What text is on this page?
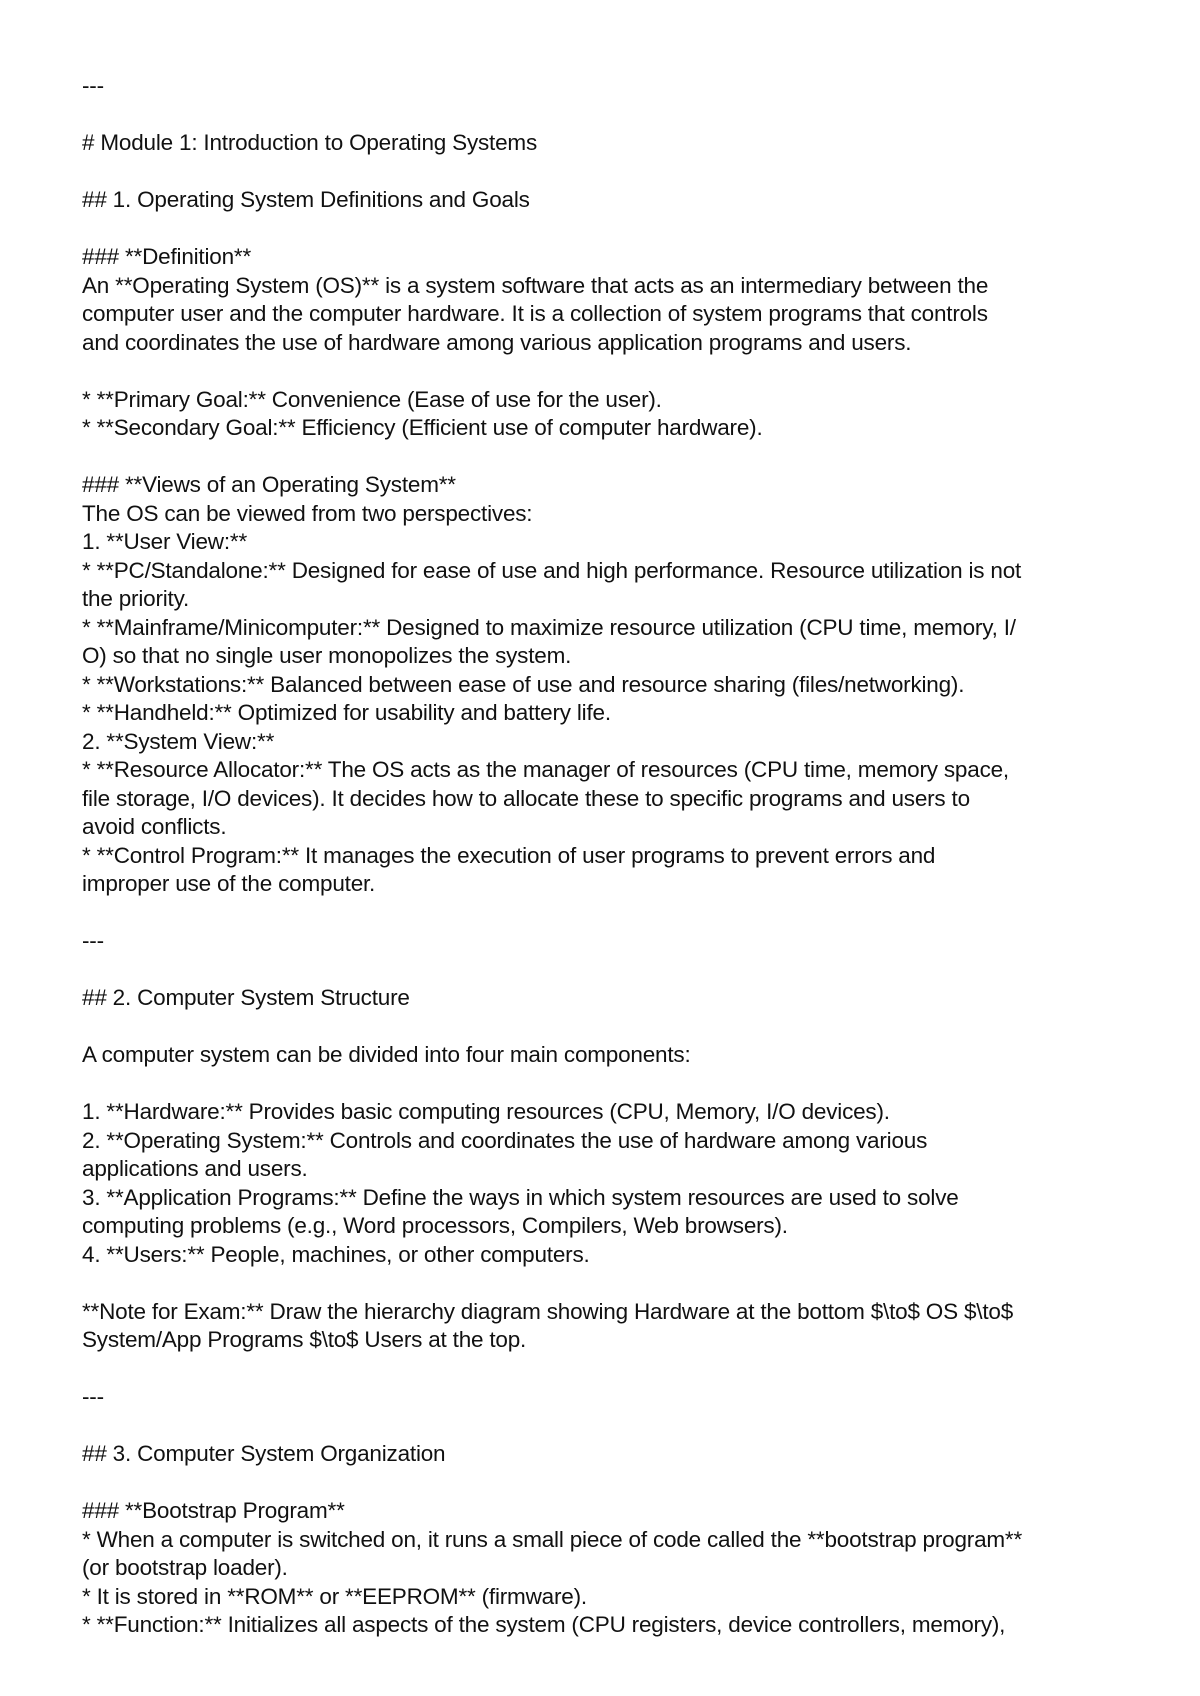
---
# Module 1: Introduction to Operating Systems
## 1. Operating System Definitions and Goals
### **Definition**
An **Operating System (OS)** is a system software that acts as an intermediary between the
computer user and the computer hardware. It is a collection of system programs that controls
and coordinates the use of hardware among various application programs and users.
* **Primary Goal:** Convenience (Ease of use for the user).
* **Secondary Goal:** Efficiency (Efficient use of computer hardware).
### **Views of an Operating System**
The OS can be viewed from two perspectives:
1. **User View:**
* **PC/Standalone:** Designed for ease of use and high performance. Resource utilization is not
the priority.
* **Mainframe/Minicomputer:** Designed to maximize resource utilization (CPU time, memory, I/
O) so that no single user monopolizes the system.
* **Workstations:** Balanced between ease of use and resource sharing (files/networking).
* **Handheld:** Optimized for usability and battery life.
2. **System View:**
* **Resource Allocator:** The OS acts as the manager of resources (CPU time, memory space,
file storage, I/O devices). It decides how to allocate these to specific programs and users to
avoid conflicts.
* **Control Program:** It manages the execution of user programs to prevent errors and
improper use of the computer.
---
## 2. Computer System Structure
A computer system can be divided into four main components:
1. **Hardware:** Provides basic computing resources (CPU, Memory, I/O devices).
2. **Operating System:** Controls and coordinates the use of hardware among various
applications and users.
3. **Application Programs:** Define the ways in which system resources are used to solve
computing problems (e.g., Word processors, Compilers, Web browsers).
4. **Users:** People, machines, or other computers.
**Note for Exam:** Draw the hierarchy diagram showing Hardware at the bottom $\to$ OS $\to$
System/App Programs $\to$ Users at the top.
---
## 3. Computer System Organization
### **Bootstrap Program**
* When a computer is switched on, it runs a small piece of code called the **bootstrap program**
(or bootstrap loader).
* It is stored in **ROM** or **EEPROM** (firmware).
* **Function:** Initializes all aspects of the system (CPU registers, device controllers, memory),
